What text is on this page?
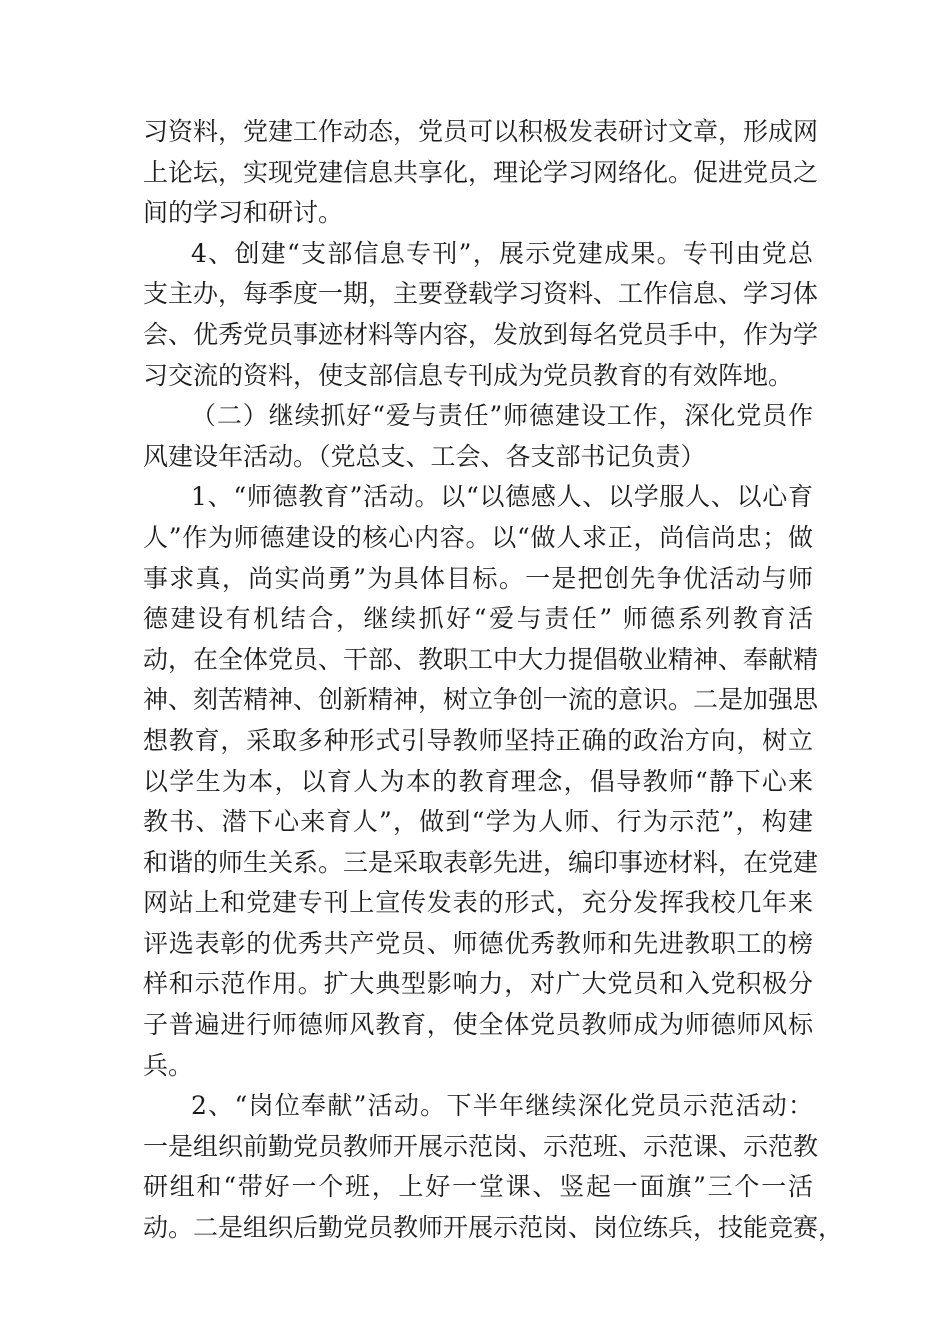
习资料，党建工作动态，党员可以积极发表研讨文章，形成网
上论坛，实现党建信息共享化，理论学习网络化。促进党员之
间的学习和研讨。
4、创建“支部信息专刊”，展示党建成果。专刊由党总
支主办，每季度一期，主要登载学习资料、工作信息、学习体
会、优秀党员事迹材料等内容，发放到每名党员手中，作为学
习交流的资料，使支部信息专刊成为党员教育的有效阵地。
（二）继续抓好“爱与责任”师德建设工作，深化党员作
风建设年活动。（党总支、工会、各支部书记负责）
1、“师德教育”活动。以“以德感人、以学服人、以心育
人”作为师德建设的核心内容。以“做人求正，尚信尚忠；做
事求真，尚实尚勇”为具体目标。一是把创先争优活动与师
德建设有机结合，继续抓好“爱与责任” 师德系列教育活
动，在全体党员、干部、教职工中大力提倡敬业精神、奉献精
神、刻苦精神、创新精神，树立争创一流的意识。二是加强思
想教育，采取多种形式引导教师坚持正确的政治方向，树立
以学生为本，以育人为本的教育理念，倡导教师“静下心来
教书、潜下心来育人”，做到“学为人师、行为示范”，构建
和谐的师生关系。三是采取表彰先进，编印事迹材料，在党建
网站上和党建专刊上宣传发表的形式，充分发挥我校几年来
评选表彰的优秀共产党员、师德优秀教师和先进教职工的榜
样和示范作用。扩大典型影响力，对广大党员和入党积极分
子普遍进行师德师风教育，使全体党员教师成为师德师风标
兵。
2、“岗位奉献”活动。下半年继续深化党员示范活动：
一是组织前勤党员教师开展示范岗、示范班、示范课、示范教
研组和“带好一个班，上好一堂课、竖起一面旗”三个一活
动。二是组织后勤党员教师开展示范岗、岗位练兵，技能竞赛，
